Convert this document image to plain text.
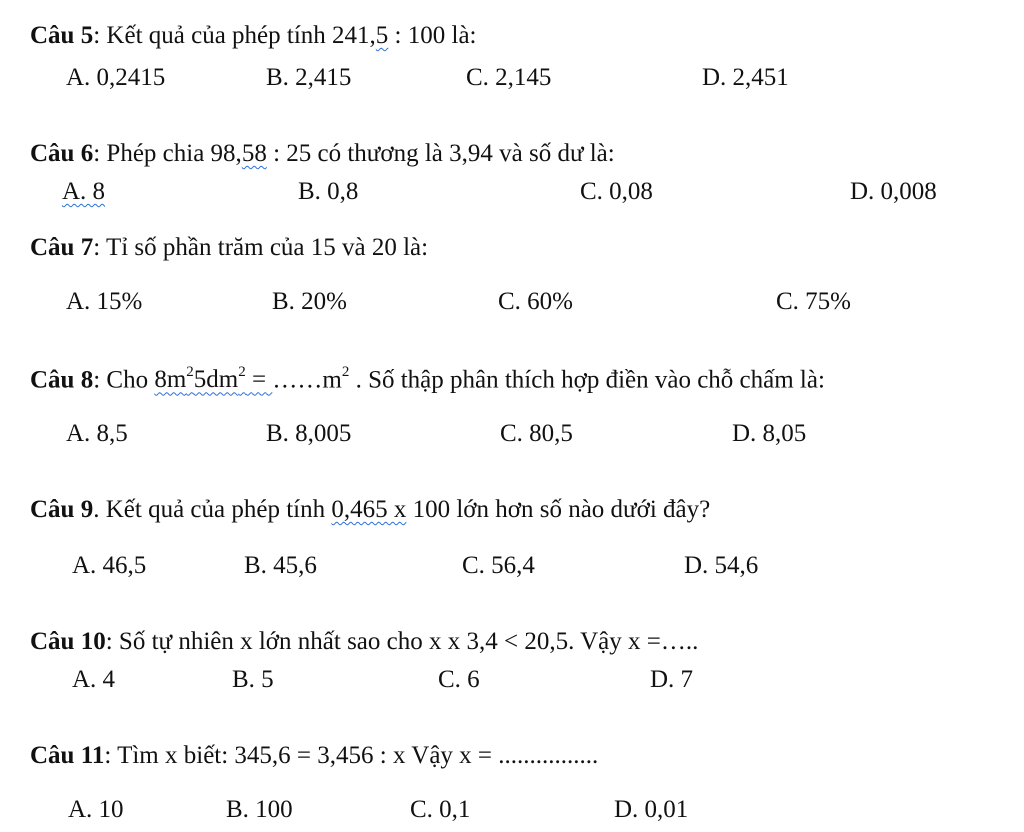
Câu 5: Kết quả của phép tính 241,5 : 100 là:
A. 0,2415	B. 2,415	C. 2,145	D. 2,451
Câu 6: Phép chia 98,58 : 25 có thương là 3,94 và số dư là:
A. 8	B. 0,8	C. 0,08	D. 0,008
Câu 7: Tỉ số phần trăm của 15 và 20 là:
A. 15%	B. 20%	C. 60%	C. 75%
Câu 8: Cho $8m^25dm^2$ = $\dots\dots m^2$ . Số thập phân thích hợp điền vào chỗ chấm là:
A. 8,5	B. 8,005	C. 80,5	D. 8,05
Câu 9. Kết quả của phép tính 0,465 x 100 lớn hơn số nào dưới đây?
A. 46,5	B. 45,6	C. 56,4	D. 54,6
Câu 10: Số tự nhiên x lớn nhất sao cho x x 3,4 < 20,5. Vậy x =…..
A. 4	B. 5	C. 6	D. 7
Câu 11: Tìm x biết: 345,6 = 3,456 : x Vậy x = ................
A. 10	B. 100	C. 0,1	D. 0,01
